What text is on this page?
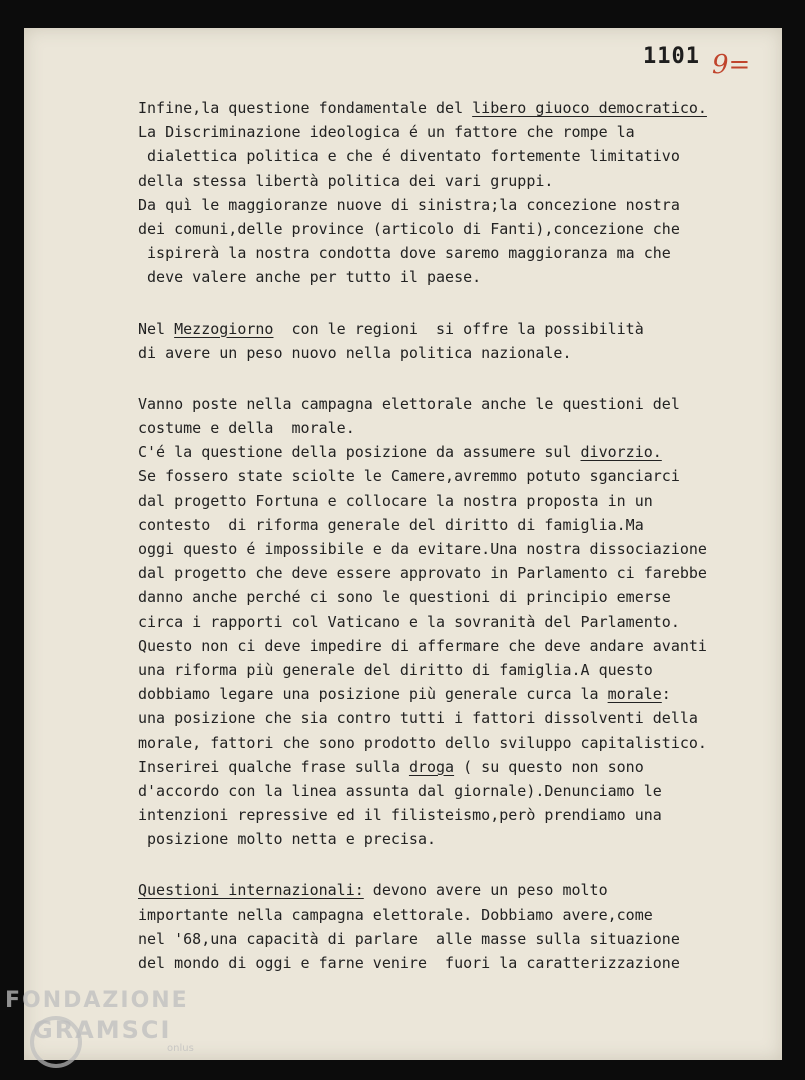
1101 9=
Infine,la questione fondamentale del libero giuoco democratico.
La Discriminazione ideologica é un fattore che rompe la
dialettica politica e che é diventato fortemente limitativo
della stessa libertà politica dei vari gruppi.
Da quì le maggioranze nuove di sinistra;la concezione nostra
dei comuni,delle province (articolo di Fanti),concezione che
ispirerà la nostra condotta dove saremo maggioranza ma che
deve valere anche per tutto il paese.
Nel Mezzogiorno  con le regioni  si offre la possibilità
di avere un peso nuovo nella politica nazionale.
Vanno poste nella campagna elettorale anche le questioni del
costume e della  morale.
C'é la questione della posizione da assumere sul divorzio.
Se fossero state sciolte le Camere,avremmo potuto sganciarci
dal progetto Fortuna e collocare la nostra proposta in un
contesto  di riforma generale del diritto di famiglia.Ma
oggi questo é impossibile e da evitare.Una nostra dissociazione
dal progetto che deve essere approvato in Parlamento ci farebbe
danno anche perché ci sono le questioni di principio emerse
circa i rapporti col Vaticano e la sovranità del Parlamento.
Questo non ci deve impedire di affermare che deve andare avanti
una riforma più generale del diritto di famiglia.A questo
dobbiamo legare una posizione più generale curca la morale:
una posizione che sia contro tutti i fattori dissolventi della
morale, fattori che sono prodotto dello sviluppo capitalistico.
Inserirei qualche frase sulla droga ( su questo non sono
d'accordo con la linea assunta dal giornale).Denunciamo le
intenzioni repressive ed il filisteismo,però prendiamo una
posizione molto netta e precisa.
Questioni internazionali: devono avere un peso molto
importante nella campagna elettorale. Dobbiamo avere,come
nel '68,una capacità di parlare  alle masse sulla situazione
del mondo di oggi e farne venire  fuori la caratterizzazione
FONDAZIONE
GRAMSCI
onlus
